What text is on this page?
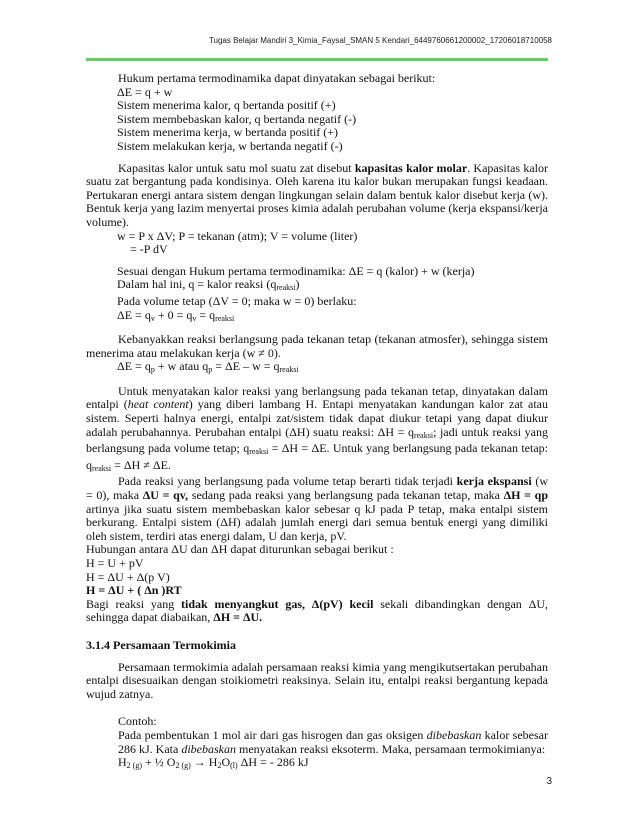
Tugas Belajar Mandiri 3_Kimia_Faysal_SMAN 5 Kendari_6449760661200002_17206018710058

Hukum pertama termodinamika dapat dinyatakan sebagai berikut:

ΔE = q + w

Sistem menerima kalor, q bertanda positif (+)

Sistem membebaskan kalor, q bertanda negatif (-)

Sistem menerima kerja, w bertanda positif (+)

Sistem melakukan kerja, w bertanda negatif (-)

Kapasitas kalor untuk satu mol suatu zat disebut kapasitas kalor molar. Kapasitas kalor suatu zat bergantung pada kondisinya. Oleh karena itu kalor bukan merupakan fungsi keadaan. Pertukaran energi antara sistem dengan lingkungan selain dalam bentuk kalor disebut kerja (w). Bentuk kerja yang lazim menyertai proses kimia adalah perubahan volume (kerja ekspansi/kerja volume).

w = P x ΔV; P = tekanan (atm); V = volume (liter)

= -P dV

Sesuai dengan Hukum pertama termodinamika: ΔE = q (kalor) + w (kerja)

Dalam hal ini, q = kalor reaksi $(q_{reaksi})$

Pada volume tetap (ΔV = 0; maka w = 0) berlaku:

$\Delta E = q_v + 0 = q_v = q_{reaksi}$

Kebanyakkan reaksi berlangsung pada tekanan tetap (tekanan atmosfer), sehingga sistem menerima atau melakukan kerja (w ≠ 0).

$\Delta E = q_p + w$ atau $q_p = \Delta E - w = q_{reaksi}$

Untuk menyatakan kalor reaksi yang berlangsung pada tekanan tetap, dinyatakan dalam entalpi (heat content) yang diberi lambang H. Entapi menyatakan kandungan kalor zat atau sistem. Seperti halnya energi, entalpi zat/sistem tidak dapat diukur tetapi yang dapat diukur adalah perubahannya. Perubahan entalpi (ΔH) suatu reaksi: $\Delta H = q_{reaksi}$; jadi untuk reaksi yang berlangsung pada volume tetap; $q_{reaksi} = \Delta H = \Delta E$. Untuk yang berlangsung pada tekanan tetap: $q_{reaksi} = \Delta H \ne \Delta E$.

Pada reaksi yang berlangsung pada volume tetap berarti tidak terjadi kerja ekspansi (w = 0), maka ΔU = qv, sedang pada reaksi yang berlangsung pada tekanan tetap, maka ΔH = qp artinya jika suatu sistem membebaskan kalor sebesar q kJ pada P tetap, maka entalpi sistem berkurang. Entalpi sistem (ΔH) adalah jumlah energi dari semua bentuk energi yang dimiliki oleh sistem, terdiri atas energi dalam, U dan kerja, pV.

Hubungan antara ΔU dan ΔH dapat diturunkan sebagai berikut :

H = U + pV

H = ΔU + Δ(p V)

H = ΔU + ( Δn )RT

Bagi reaksi yang tidak menyangkut gas, Δ(pV) kecil sekali dibandingkan dengan ΔU, sehingga dapat diabaikan, ΔH = ΔU.

3.1.4 Persamaan Termokimia

Persamaan termokimia adalah persamaan reaksi kimia yang mengikutsertakan perubahan entalpi disesuaikan dengan stoikiometri reaksinya. Selain itu, entalpi reaksi bergantung kepada wujud zatnya.

Contoh:

Pada pembentukan 1 mol air dari gas hisrogen dan gas oksigen dibebaskan kalor sebesar 286 kJ. Kata dibebaskan menyatakan reaksi eksoterm. Maka, persamaan termokimianya:

$H_{2 (g)}$ + ½ $O_{2 (g)} \to H_2O_{(l)}$ ΔH = - 286 kJ

3
